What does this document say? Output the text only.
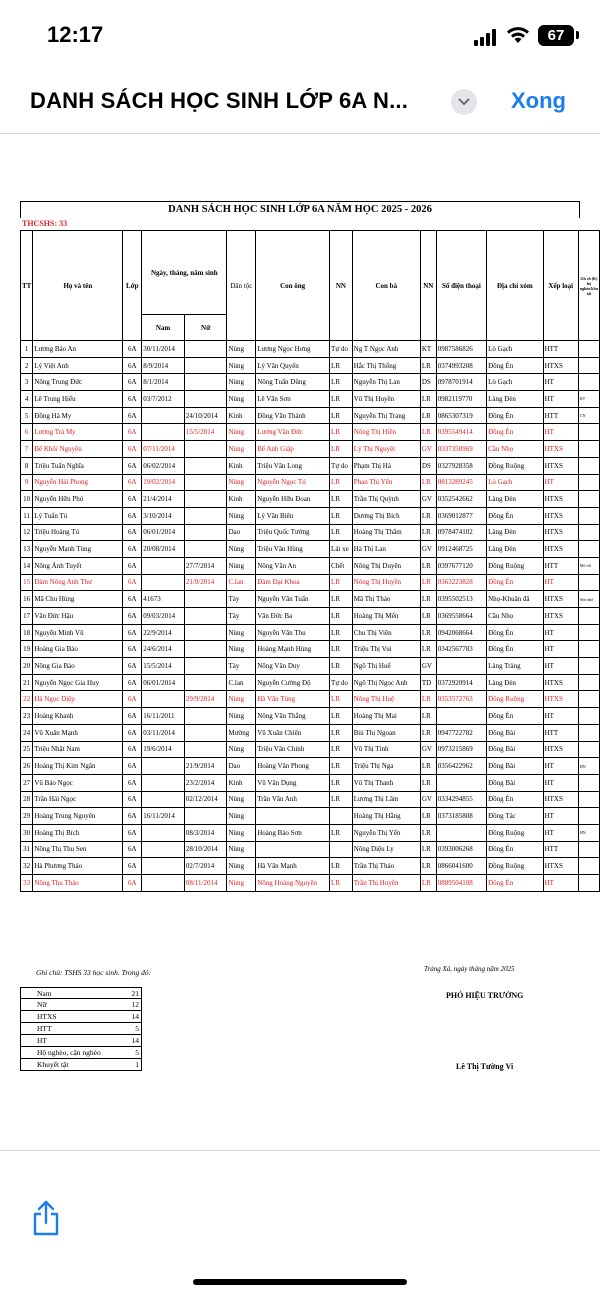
12:17	67
DANH SÁCH HỌC SINH LỚP 6A N...	Xong
DANH SÁCH HỌC SINH LỚP 6A NĂM HỌC 2025 - 2026
THCSHS: 33
TT	Họ và tên	Lớp	Ngày, tháng, năm sinh		Dân tộc	Con ông	NN	Con bà	NN	Số điện thoại	Địa chỉ xóm	Xếp loại	Gh ch (K) hộ nghèo/khu tật
			Nam	Nữ									
1	Lương Bảo An	6A	30/11/2014		Nùng	Lương Ngọc Hưng	Tự do	Ng T Ngọc Anh	KT	0987586826	Lò Gạch	HTT	
2	Lý Việt Anh	6A	8/9/2014		Nùng	Lý Văn Quyến	LR	Hắc Thị Thống	LR	0374993208	Đồng Én	HTXS	
3	Nông Trung Đức	6A	8/1/2014		Nùng	Nông Tuấn Dũng	LR	Nguyễn Thị Lan	DS	0978701914	Lò Gạch	HT	
4	Lê Trung Hiếu	6A	03/7/2012		Nùng	Lê Văn Sơn	LR	Vũ Thị Huyền	LR	0982119770	Làng Đèn	HT	KT
5	Đồng Hà My	6A		24/10/2014	Kinh	Đồng Văn Thành	LR	Nguyễn Thị Trang	LR	0865307319	Đồng Én	HTT	CN
6	Lương Trà My	6A		15/5/2014	Nùng	Lương Văn Đức	LR	Nông Thị Hiền	LR	0395549414	Đồng Én	HT	
7	Bế Khôi Nguyên	6A	07/11/2014		Nùng	Bế Anh Giáp	LR	Lý Thị Nguyệt	GV	0337350969	Cầu Nhọ	HTXS	
8	Triệu Tuấn Nghĩa	6A	06/02/2014		Kinh	Triệu Văn Long	Tự do	Phạm Thị Hà	DS	0327928358	Đồng Ruộng	HTXS	
9	Nguyễn Hải Phong	6A	19/02/2014		Nùng	Nguyễn Ngọc Tú	LR	Phan Thị Yến	LR	0813289245	Lò Gạch	HT	
10	Nguyễn Hữu Phú	6A	21/4/2014		Kinh	Nguyễn Hữu Đoan	LR	Trần Thị Quỳnh	GV	0352542662	Làng Đèn	HTXS	
11	Lý Tuấn Tú	6A	3/10/2014		Nùng	Lý Văn Biên	LR	Dương Thị Bích	LR	0369012877	Đồng Én	HTXS	
12	Triệu Hoàng Tú	6A	06/01/2014		Dao	Triệu Quốc Tường	LR	Hoàng Thị Thắm	LR	0978474102	Làng Đèn	HTXS	
13	Nguyễn Mạnh Tùng	6A	20/08/2014		Nùng	Triệu Văn Hùng	Lái xe	Hà Thị Lan	GV	0912468725	Làng Đèn	HTXS	
14	Nông Ánh Tuyết	6A		27/7/2014	Nùng	Nông Văn An	Chết	Nông Thị Duyên	LR	0397677120	Đồng Ruộng	HTT	Mồ côi
15	Đàm Nông Anh Thư	6A		21/9/2014	C.lan	Đàm Đại Khoa	LR	Nông Thị Huyền	LR	0363223828	Đồng Én	HT	
16	Mã Chu Hùng	6A	41673		Tày	Nguyễn Văn Tuấn	LR	Mã Thị Thảo	LR	0395502513	Nhọ-Khuân đã	HTXS	Sốn nhờ
17	Vân Đức Hậu	6A	09/03/2014		Tày	Vân Đức Ba	LR	Hoàng Thị Mến	LR	0369558664	Cầu Nhọ	HTXS	
18	Nguyễn Minh Vũ	6A	22/9/2014		Nùng	Nguyễn Văn Thu	LR	Chu Thị Viên	LR	0942068664	Đồng Én	HT	
19	Hoàng Gia Bảo	6A	24/6/2014		Nùng	Hoàng Mạnh Hùng	LR	Triệu Thị Vui	LR	0342567783	Đồng Én	HT	
20	Nông Gia Bảo	6A	15/5/2014		Tày	Nông Văn Duy	LR	Ngô Thị Huế	GV		Làng Tràng	HT	
21	Nguyễn Ngọc Gia Huy	6A	06/01/2014		C.lan	Nguyễn Cường Độ	Tự do	Ngô Thị Ngọc Anh	TD	0372920914	Làng Đèn	HTXS	
22	Hà Ngọc Diệp	6A		29/9/2014	Nùng	Hà Văn Tùng	LR	Nông Thị Huệ	LR	0353572763	Đồng Ruộng	HTXS	
23	Hoàng Khanh	6A	16/11/2011		Nùng	Nông Văn Thắng	LR	Hoàng Thị Mai	LR		Đồng Én	HT	
24	Vũ Xuân Mạnh	6A	03/11/2014		Mường	Vũ Xuân Chiến	LR	Bùi Thị Ngoan	LR	0947722782	Đồng Bài	HTT	
25	Triệu Nhật Nam	6A	19/6/2014		Nùng	Triệu Văn Chinh	LR	Vũ Thị Tình	GV	0973215869	Đồng Bài	HTXS	
26	Hoàng Thị Kim Ngân	6A		21/9/2014	Dao	Hoàng Văn Phong	LR	Triệu Thị Nga	LR	0356422962	Đồng Bài	HT	HN
27	Vũ Bảo Ngọc	6A		23/2/2014	Kinh	Vũ Văn Dụng	LR	Vũ Thị Thanh	LR		Đồng Bài	HT	
28	Trần Hải Ngọc	6A		02/12/2014	Nùng	Trần Văn Anh	LR	Lương Thị Lâm	GV	0334294855	Đồng Én	HTXS	
29	Hoàng Trung Nguyên	6A	16/11/2014		Nùng			Hoàng Thị Hằng	LR	0373185808	Đồng Tác	HT	
30	Hoàng Thị Bích	6A		08/3/2014	Nùng	Hoàng Bảo Sơn	LR	Nguyễn Thị Yến	LR		Đồng Ruộng	HT	HN
31	Nông Thị Thu Sen	6A		28/10/2014	Nùng			Nông Diệu Ly	LR	0393006268	Đồng Én	HTT	
32	Hà Phương Thảo	6A		02/7/2014	Nùng	Hà Văn Mạnh	LR	Trần Thị Thảo	LR	0866041600	Đồng Ruộng	HTXS	
33	Nông Thu Thảo	6A		08/11/2014	Nùng	Nông Hoàng Nguyên	LR	Trần Thị Huyền	LR	0889504108	Đồng Én	HT	
Ghi chú: TSHS 33 học sinh. Trong đó:
Nam	21
Nữ	12
HTXS	14
HTT	5
HT	14
Hộ nghèo, cận nghèo	5
Khuyết tật	1
Tràng Xá, ngày tháng năm 2025
PHÓ HIỆU TRƯỞNG
Lê Thị Tường Vi
